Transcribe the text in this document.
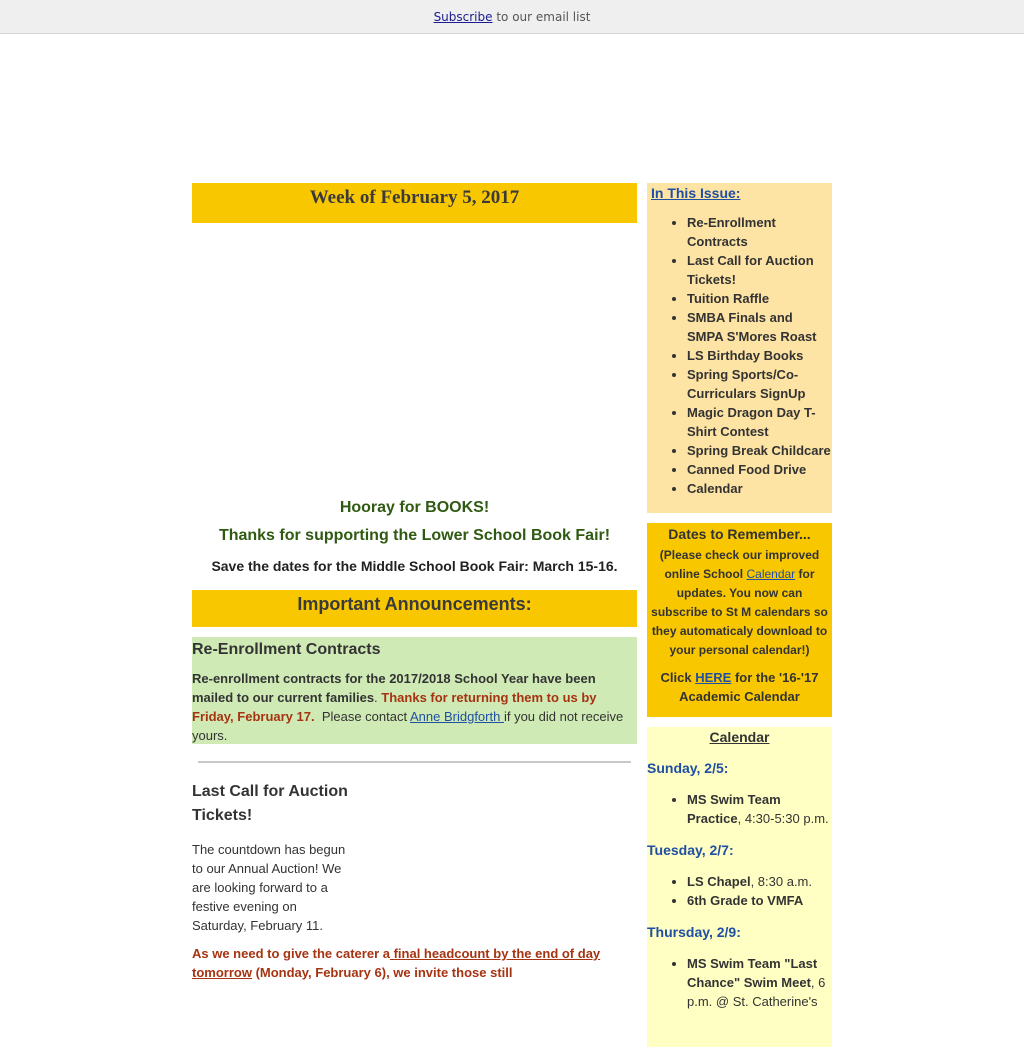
Subscribe to our email list
Week of February 5, 2017
Hooray for BOOKS!
Thanks for supporting the Lower School Book Fair!
Save the dates for the Middle School Book Fair: March 15-16.
Important Announcements:
Re-Enrollment Contracts

Re-enrollment contracts for the 2017/2018 School Year have been mailed to our current families. Thanks for returning them to us by Friday, February 17.  Please contact Anne Bridgforth if you did not receive yours.

Last Call for Auction Tickets!

The countdown has begun to our Annual Auction! We are looking forward to a festive evening on Saturday, February 11.

As we need to give the caterer a final headcount by the end of day tomorrow (Monday, February 6), we invite those still

In This Issue:
• Re-Enrollment Contracts
• Last Call for Auction Tickets!
• Tuition Raffle
• SMBA Finals and SMPA S'Mores Roast
• LS Birthday Books
• Spring Sports/Co-Curriculars SignUp
• Magic Dragon Day T-Shirt Contest
• Spring Break Childcare
• Canned Food Drive
• Calendar
Dates to Remember...
(Please check our improved online School Calendar for updates. You now can subscribe to St M calendars so they automaticaly download to your personal calendar!)
Click HERE for the '16-'17 Academic Calendar
Calendar
Sunday, 2/5:
• MS Swim Team Practice, 4:30-5:30 p.m.
Tuesday, 2/7:
• LS Chapel, 8:30 a.m.
• 6th Grade to VMFA
Thursday, 2/9:
• MS Swim Team "Last Chance" Swim Meet, 6 p.m. @ St. Catherine's
